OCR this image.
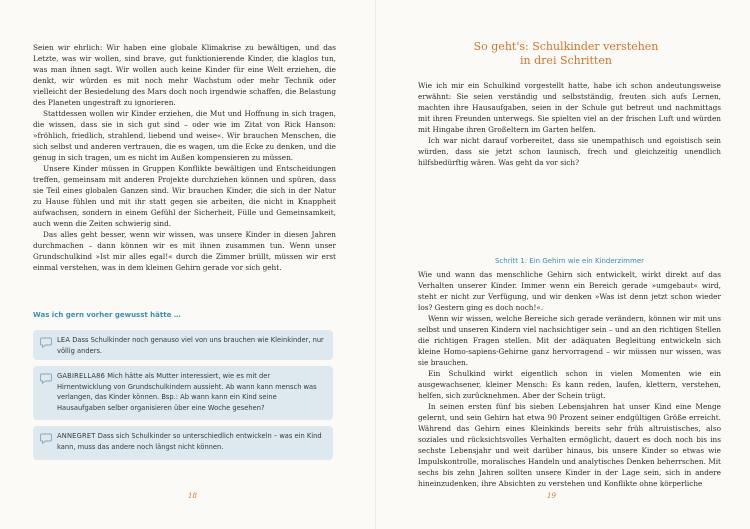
Seien wir ehrlich: Wir haben eine globale Klimakrise zu bewältigen, und das Letzte, was wir wollen, sind brave, gut funktionierende Kinder, die klaglos tun, was man ihnen sagt. Wir wollen auch keine Kinder für eine Welt erziehen, die denkt, wir würden es mit noch mehr Wachstum oder mehr Technik oder vielleicht der Besiedelung des Mars doch noch irgendwie schaffen, die Belastung des Planeten ungestraft zu ignorieren.

Stattdessen wollen wir Kinder erziehen, die Mut und Hoffnung in sich tragen, die wissen, dass sie in sich gut sind – oder wie im Zitat von Rick Hanson: »fröhlich, friedlich, strahlend, liebend und weise«. Wir brauchen Menschen, die sich selbst und anderen vertrauen, die es wagen, um die Ecke zu denken, und die genug in sich tragen, um es nicht im Außen kompensieren zu müssen.

Unsere Kinder müssen in Gruppen Konflikte bewältigen und Entscheidungen treffen, gemeinsam mit anderen Projekte durchziehen können und spüren, dass sie Teil eines globalen Ganzen sind. Wir brauchen Kinder, die sich in der Natur zu Hause fühlen und mit ihr statt gegen sie arbeiten, die nicht in Knappheit aufwachsen, sondern in einem Gefühl der Sicherheit, Fülle und Gemeinsamkeit, auch wenn die Zeiten schwierig sind.

Das alles geht besser, wenn wir wissen, was unsere Kinder in diesen Jahren durchmachen – dann können wir es mit ihnen zusammen tun. Wenn unser Grundschulkind »Ist mir alles egal!« durch die Zimmer brüllt, müssen wir erst einmal verstehen, was in dem kleinen Gehirn gerade vor sich geht.

Was ich gern vorher gewusst hätte …
LEA Dass Schulkinder noch genauso viel von uns brauchen wie Kleinkinder, nur völlig anders.
GABIRELLA86 Mich hätte als Mutter interessiert, wie es mit der Hirnentwicklung von Grundschulkindern aussieht. Ab wann kann mensch was verlangen, das Kinder können. Bsp.: Ab wann kann ein Kind seine Hausaufgaben selber organisieren über eine Woche gesehen?
ANNEGRET Dass sich Schulkinder so unterschiedlich entwickeln – was ein Kind kann, muss das andere noch längst nicht können.
18
So geht's: Schulkinder verstehen
in drei Schritten

Wie ich mir ein Schulkind vorgestellt hatte, habe ich schon andeutungsweise erwähnt: Sie seien verständig und selbstständig, freuten sich aufs Lernen, machten ihre Hausaufgaben, seien in der Schule gut betreut und nachmittags mit ihren Freunden unterwegs. Sie spielten viel an der frischen Luft und würden mit Hingabe ihren Großeltern im Garten helfen.

Ich war nicht darauf vorbereitet, dass sie unempathisch und egoistisch sein würden, dass sie jetzt schon launisch, frech und gleichzeitig unendlich hilfsbedürftig wären. Was geht da vor sich?

Schritt 1: Ein Gehirn wie ein Kinderzimmer

Wie und wann das menschliche Gehirn sich entwickelt, wirkt direkt auf das Verhalten unserer Kinder. Immer wenn ein Bereich gerade »umgebaut« wird, steht er nicht zur Verfügung, und wir denken »Was ist denn jetzt schon wieder los? Gestern ging es doch noch!«.

Wenn wir wissen, welche Bereiche sich gerade verändern, können wir mit uns selbst und unseren Kindern viel nachsichtiger sein – und an den richtigen Stellen die richtigen Fragen stellen. Mit der adäquaten Begleitung entwickeln sich kleine Homo-sapiens-Gehirne ganz hervorragend – wir müssen nur wissen, was sie brauchen.

Ein Schulkind wirkt eigentlich schon in vielen Momenten wie ein ausgewachsener, kleiner Mensch: Es kann reden, laufen, klettern, verstehen, helfen, sich zurücknehmen. Aber der Schein trügt.

In seinen ersten fünf bis sieben Lebensjahren hat unser Kind eine Menge gelernt, und sein Gehirn hat etwa 90 Prozent seiner endgültigen Größe erreicht. Während das Gehirn eines Kleinkinds bereits sehr früh altruistisches, also soziales und rücksichtsvolles Verhalten ermöglicht, dauert es doch noch bis ins sechste Lebensjahr und weit darüber hinaus, bis unsere Kinder so etwas wie Impulskontrolle, moralisches Handeln und analytisches Denken beherrschen. Mit sechs bis zehn Jahren sollten unsere Kinder in der Lage sein, sich in andere hineinzudenken, ihre Absichten zu verstehen und Konflikte ohne körperliche

19
